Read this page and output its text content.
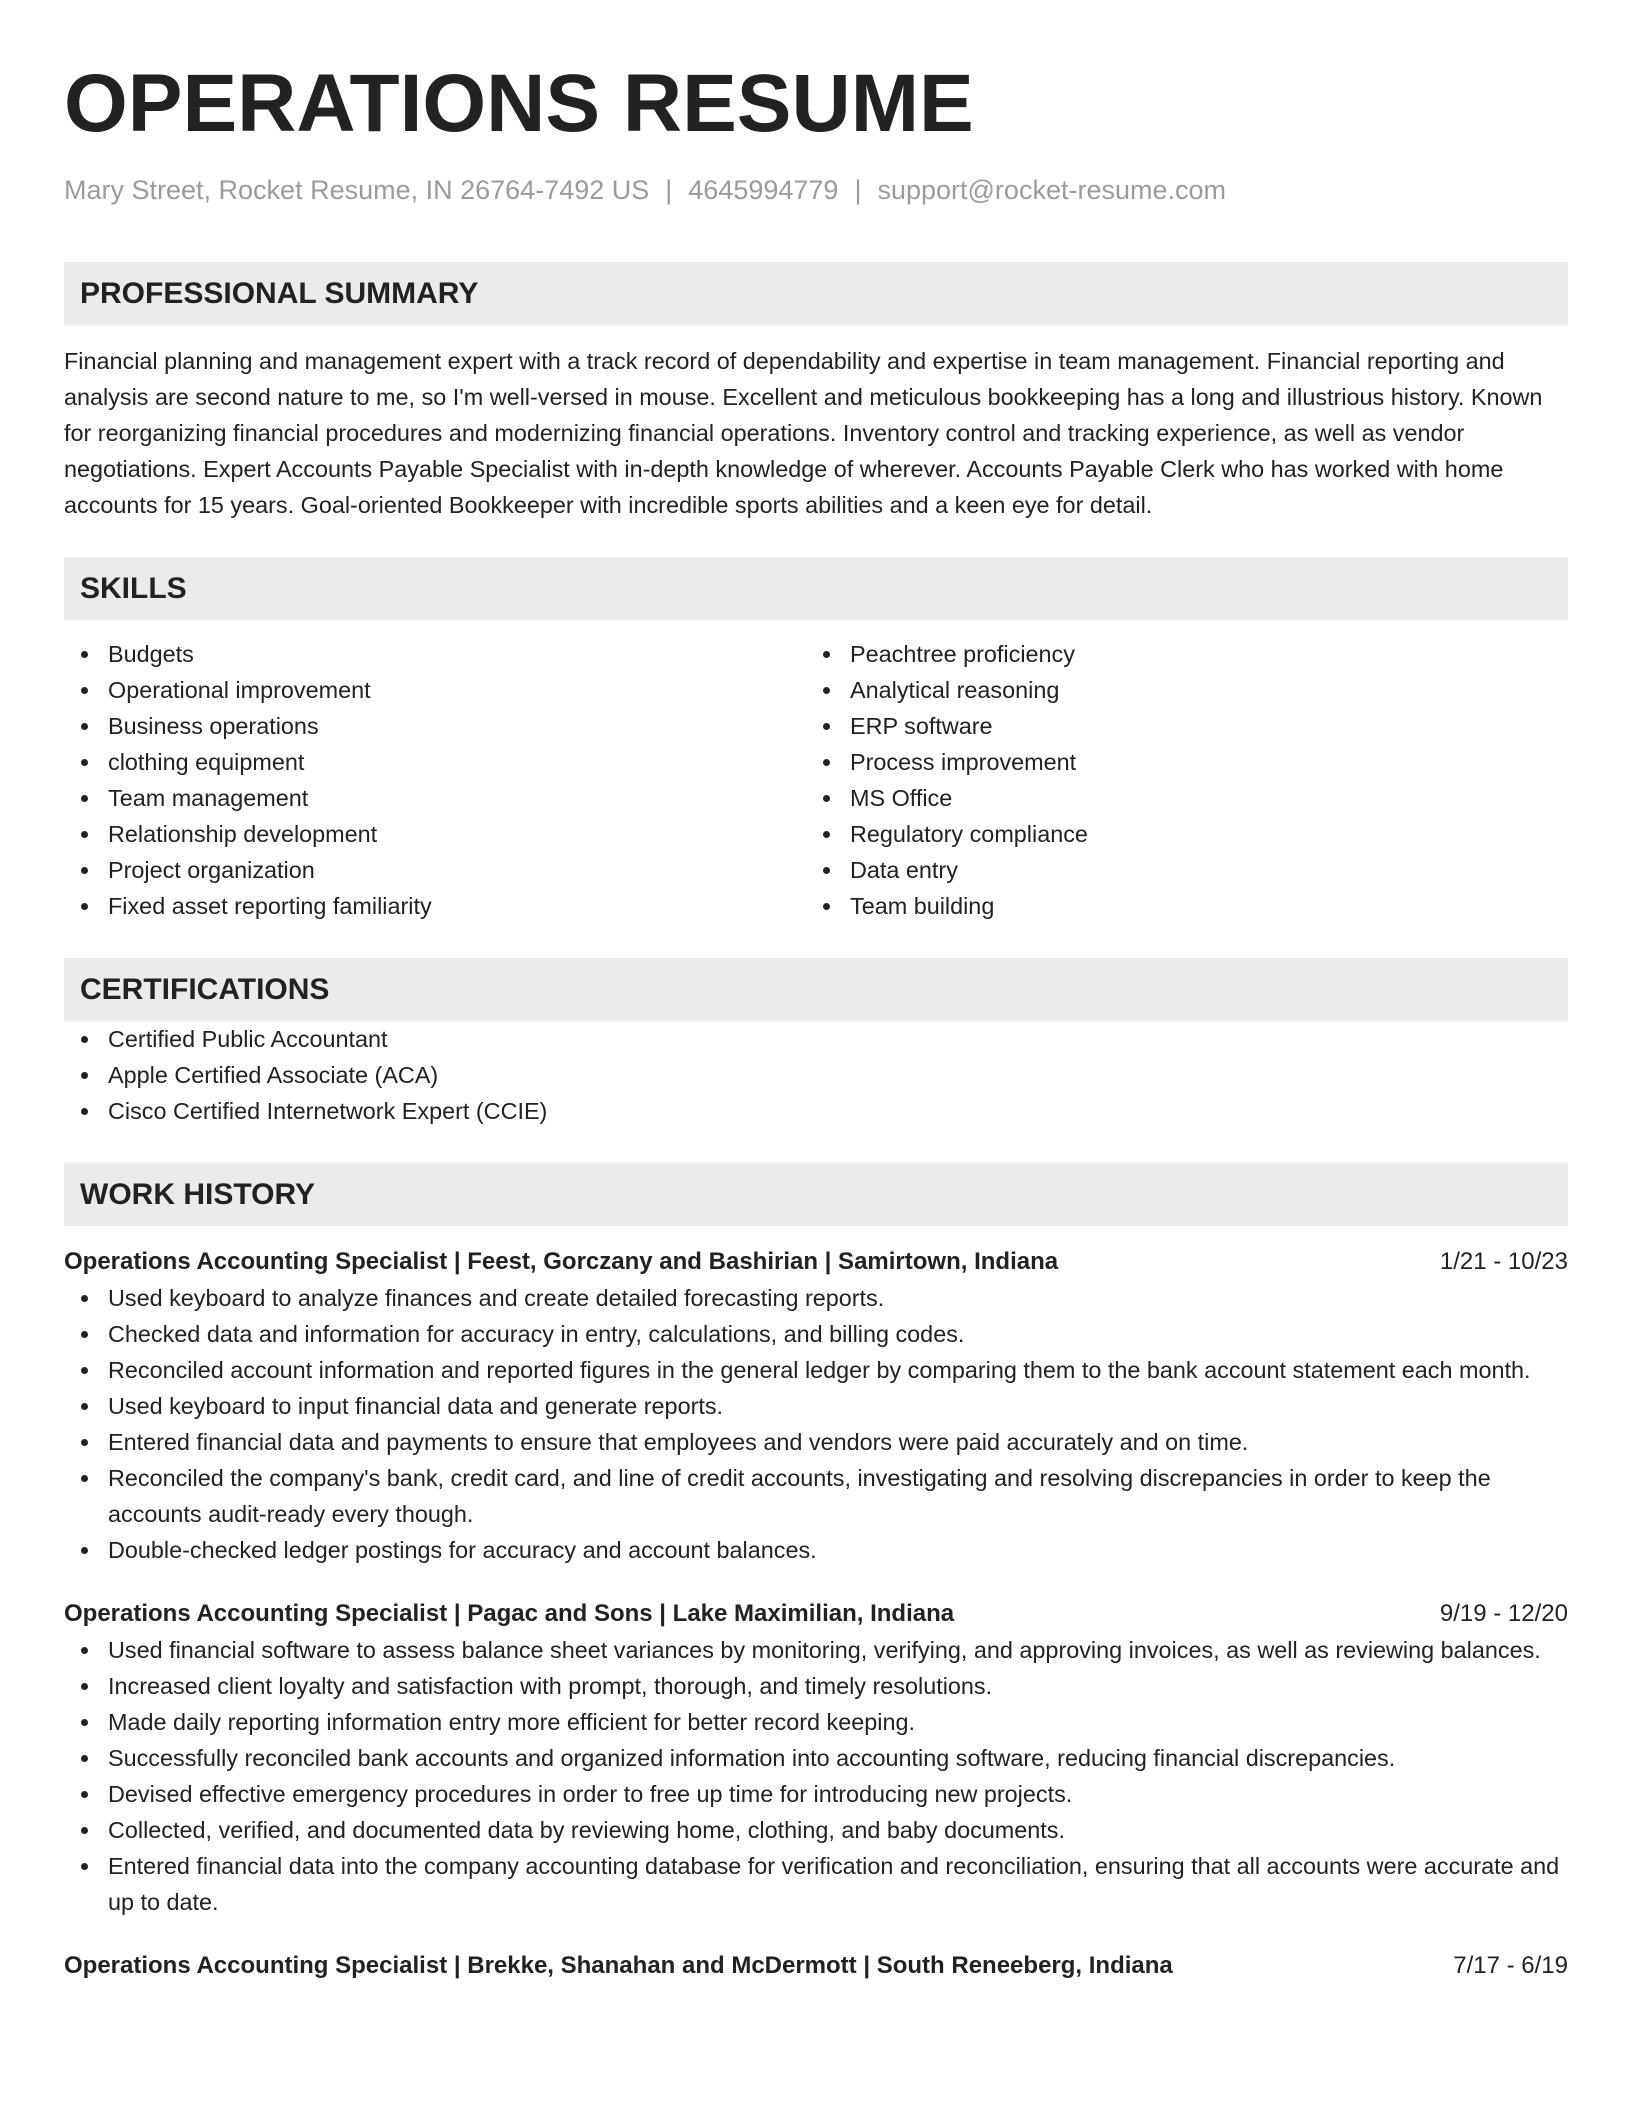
OPERATIONS RESUME
Mary Street, Rocket Resume, IN 26764-7492 US | 4645994779 | support@rocket-resume.com
PROFESSIONAL SUMMARY

Financial planning and management expert with a track record of dependability and expertise in team management. Financial reporting and analysis are second nature to me, so I'm well-versed in mouse. Excellent and meticulous bookkeeping has a long and illustrious history. Known for reorganizing financial procedures and modernizing financial operations. Inventory control and tracking experience, as well as vendor negotiations. Expert Accounts Payable Specialist with in-depth knowledge of wherever. Accounts Payable Clerk who has worked with home accounts for 15 years. Goal-oriented Bookkeeper with incredible sports abilities and a keen eye for detail.

SKILLS
Budgets
Operational improvement
Business operations
clothing equipment
Team management
Relationship development
Project organization
Fixed asset reporting familiarity
Peachtree proficiency
Analytical reasoning
ERP software
Process improvement
MS Office
Regulatory compliance
Data entry
Team building
CERTIFICATIONS
Certified Public Accountant
Apple Certified Associate (ACA)
Cisco Certified Internetwork Expert (CCIE)
WORK HISTORY
Operations Accounting Specialist | Feest, Gorczany and Bashirian | Samirtown, Indiana	1/21 - 10/23
Used keyboard to analyze finances and create detailed forecasting reports.
Checked data and information for accuracy in entry, calculations, and billing codes.
Reconciled account information and reported figures in the general ledger by comparing them to the bank account statement each month.
Used keyboard to input financial data and generate reports.
Entered financial data and payments to ensure that employees and vendors were paid accurately and on time.
Reconciled the company's bank, credit card, and line of credit accounts, investigating and resolving discrepancies in order to keep the accounts audit-ready every though.
Double-checked ledger postings for accuracy and account balances.
Operations Accounting Specialist | Pagac and Sons | Lake Maximilian, Indiana	9/19 - 12/20
Used financial software to assess balance sheet variances by monitoring, verifying, and approving invoices, as well as reviewing balances.
Increased client loyalty and satisfaction with prompt, thorough, and timely resolutions.
Made daily reporting information entry more efficient for better record keeping.
Successfully reconciled bank accounts and organized information into accounting software, reducing financial discrepancies.
Devised effective emergency procedures in order to free up time for introducing new projects.
Collected, verified, and documented data by reviewing home, clothing, and baby documents.
Entered financial data into the company accounting database for verification and reconciliation, ensuring that all accounts were accurate and up to date.
Operations Accounting Specialist | Brekke, Shanahan and McDermott | South Reneeberg, Indiana	7/17 - 6/19
